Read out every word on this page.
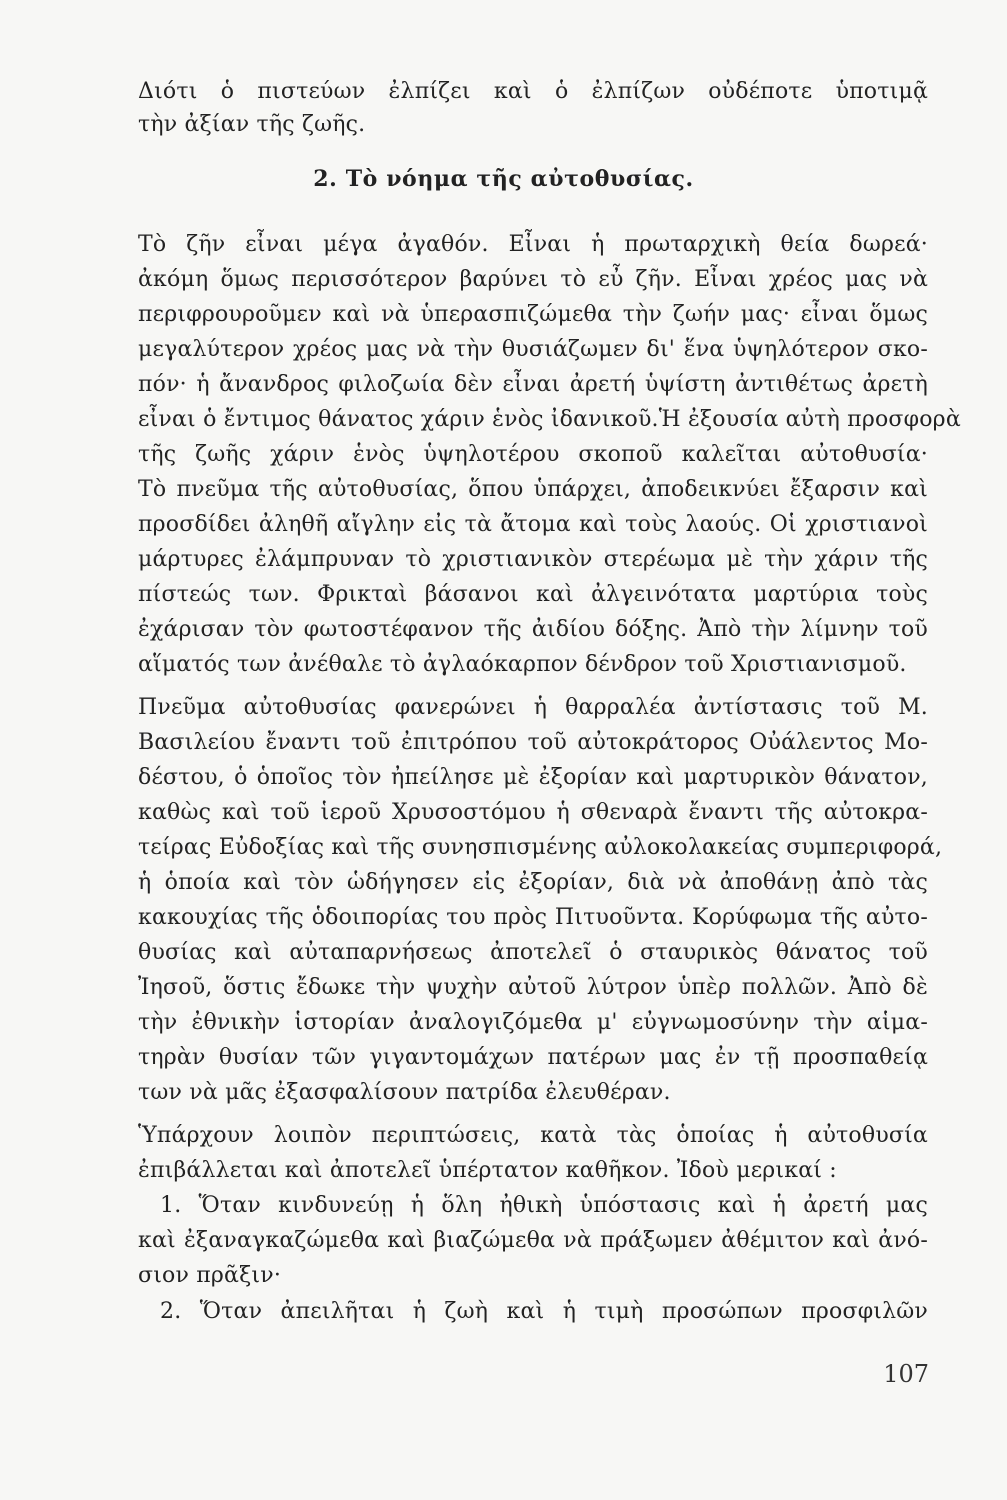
Διότι ὁ πιστεύων ἐλπίζει καὶ ὁ ἐλπίζων οὐδέποτε ὑποτιμᾷ
τὴν ἀξίαν τῆς ζωῆς.
2. Τὸ νόημα τῆς αὐτοθυσίας.
Τὸ ζῆν εἶναι μέγα ἀγαθόν. Εἶναι ἡ πρωταρχικὴ θεία δωρεά·
ἀκόμη ὅμως περισσότερον βαρύνει τὸ εὖ ζῆν. Εἶναι χρέος μας νὰ
περιφρουροῦμεν καὶ νὰ ὑπερασπιζώμεθα τὴν ζωήν μας· εἶναι ὅμως
μεγαλύτερον χρέος μας νὰ τὴν θυσιάζωμεν δι' ἕνα ὑψηλότερον σκο-
πόν· ἡ ἄνανδρος φιλοζωία δὲν εἶναι ἀρετή ὑψίστη ἀντιθέτως ἀρετὴ
εἶναι ὁ ἔντιμος θάνατος χάριν ἑνὸς ἰδανικοῦ.Ἡ ἐξουσία αὐτὴ προσφορὰ
τῆς ζωῆς χάριν ἑνὸς ὑψηλοτέρου σκοποῦ καλεῖται αὐτοθυσία·
Τὸ πνεῦμα τῆς αὐτοθυσίας, ὅπου ὑπάρχει, ἀποδεικνύει ἔξαρσιν καὶ
προσδίδει ἀληθῆ αἴγλην εἰς τὰ ἄτομα καὶ τοὺς λαούς. Οἱ χριστιανοὶ
μάρτυρες ἐλάμπρυναν τὸ χριστιανικὸν στερέωμα μὲ τὴν χάριν τῆς
πίστεώς των. Φρικταὶ βάσανοι καὶ ἀλγεινότατα μαρτύρια τοὺς
ἐχάρισαν τὸν φωτοστέφανον τῆς ἀιδίου δόξης. Ἀπὸ τὴν λίμνην τοῦ
αἵματός των ἀνέθαλε τὸ ἀγλαόκαρπον δένδρον τοῦ Χριστιανισμοῦ.
Πνεῦμα αὐτοθυσίας φανερώνει ἡ θαρραλέα ἀντίστασις τοῦ Μ.
Βασιλείου ἔναντι τοῦ ἐπιτρόπου τοῦ αὐτοκράτορος Οὐάλεντος Μο-
δέστου, ὁ ὁποῖος τὸν ἠπείλησε μὲ ἐξορίαν καὶ μαρτυρικὸν θάνατον,
καθὼς καὶ τοῦ ἱεροῦ Χρυσοστόμου ἡ σθεναρὰ ἔναντι τῆς αὐτοκρα-
τείρας Εὐδοξίας καὶ τῆς συνησπισμένης αὐλοκολακείας συμπεριφορά,
ἡ ὁποία καὶ τὸν ὡδήγησεν εἰς ἐξορίαν, διὰ νὰ ἀποθάνῃ ἀπὸ τὰς
κακουχίας τῆς ὁδοιπορίας του πρὸς Πιτυοῦντα. Κορύφωμα τῆς αὐτο-
θυσίας καὶ αὐταπαρνήσεως ἀποτελεῖ ὁ σταυρικὸς θάνατος τοῦ
Ἰησοῦ, ὅστις ἔδωκε τὴν ψυχὴν αὐτοῦ λύτρον ὑπὲρ πολλῶν. Ἀπὸ δὲ
τὴν ἐθνικὴν ἱστορίαν ἀναλογιζόμεθα μ' εὐγνωμοσύνην τὴν αἱμα-
τηρὰν θυσίαν τῶν γιγαντομάχων πατέρων μας ἐν τῇ προσπαθείᾳ
των νὰ μᾶς ἐξασφαλίσουν πατρίδα ἐλευθέραν.
Ὑπάρχουν λοιπὸν περιπτώσεις, κατὰ τὰς ὁποίας ἡ αὐτοθυσία
ἐπιβάλλεται καὶ ἀποτελεῖ ὑπέρτατον καθῆκον. Ἰδοὺ μερικαί :
1. Ὅταν κινδυνεύῃ ἡ ὅλη ἠθικὴ ὑπόστασις καὶ ἡ ἀρετή μας
καὶ ἐξαναγκαζώμεθα καὶ βιαζώμεθα νὰ πράξωμεν ἀθέμιτον καὶ ἀνό-
σιον πρᾶξιν·
2. Ὅταν ἀπειλῆται ἡ ζωὴ καὶ ἡ τιμὴ προσώπων προσφιλῶν
107
